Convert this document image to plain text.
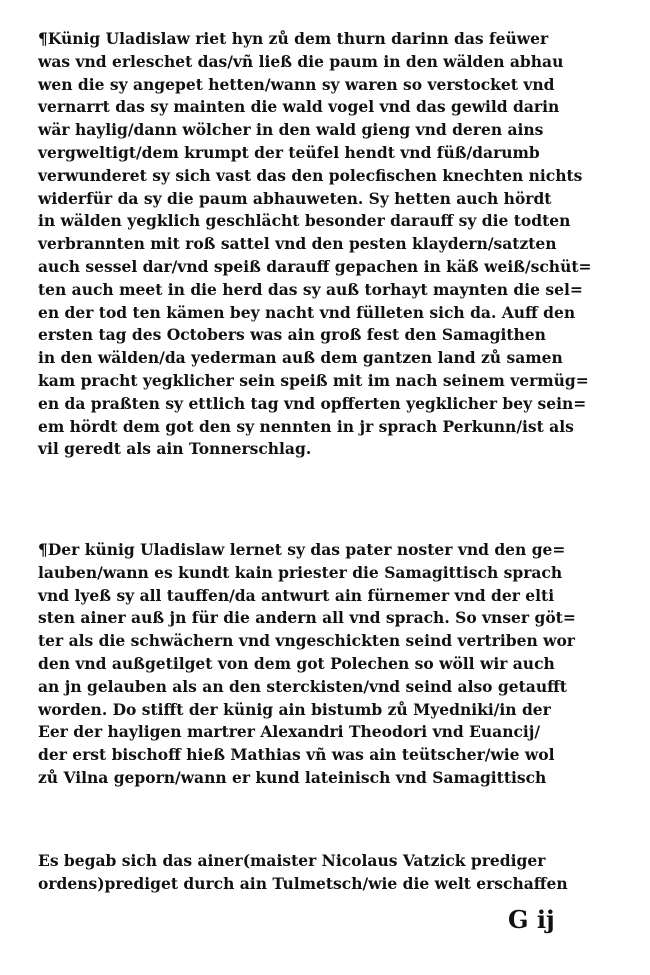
¶Künig Uladislaw riet hyn zů dem thurn darinn das feüwer
was vnd erleschet das/vñ ließ die paum in den wälden abhau
wen die sy angepet hetten/wann sy waren so verstocket vnd
vernarrt das sy mainten die wald vogel vnd das gewild darin
wär haylig/dann wölcher in den wald gieng vnd deren ains
vergweltigt/dem krumpt der teüfel hendt vnd füß/darumb
verwunderet sy sich vast das den polecfischen knechten nichts
widerfür da sy die paum abhauweten. Sy hetten auch hördt
in wälden yegklich geschlächt besonder darauff sy die todten
verbrannten mit roß sattel vnd den pesten klaydern/satzten
auch sessel dar/vnd speiß darauff gepachen in käß weiß/schüt=
ten auch meet in die herd das sy auß torhayt maynten die sel=
en der tod ten kämen bey nacht vnd fülleten sich da. Auff den
ersten tag des Octobers was ain groß fest den Samagithen
in den wälden/da yederman auß dem gantzen land zů samen
kam pracht yegklicher sein speiß mit im nach seinem vermüg=
en da praßten sy ettlich tag vnd opfferten yegklicher bey sein=
em hördt dem got den sy nennten in jr sprach Perkunn/ist als
vil geredt als ain Tonnerschlag.
¶Der künig Uladislaw lernet sy das pater noster vnd den ge=
lauben/wann es kundt kain priester die Samagittisch sprach
vnd lyeß sy all tauffen/da antwurt ain fürnemer vnd der elti
sten ainer auß jn für die andern all vnd sprach. So vnser göt=
ter als die schwächern vnd vngeschickten seind vertriben wor
den vnd außgetilget von dem got Polechen so wöll wir auch
an jn gelauben als an den sterckisten/vnd seind also getaufft
worden. Do stifft der künig ain bistumb zů Myedniki/in der
Eer der hayligen martrer Alexandri Theodori vnd Euancij/
der erst bischoff hieß Mathias vñ was ain teütscher/wie wol
zů Vilna geporn/wann er kund lateinisch vnd Samagittisch
Es begab sich das ainer(maister Nicolaus Vatzick prediger
ordens)prediget durch ain Tulmetsch/wie die welt erschaffen
G ij
